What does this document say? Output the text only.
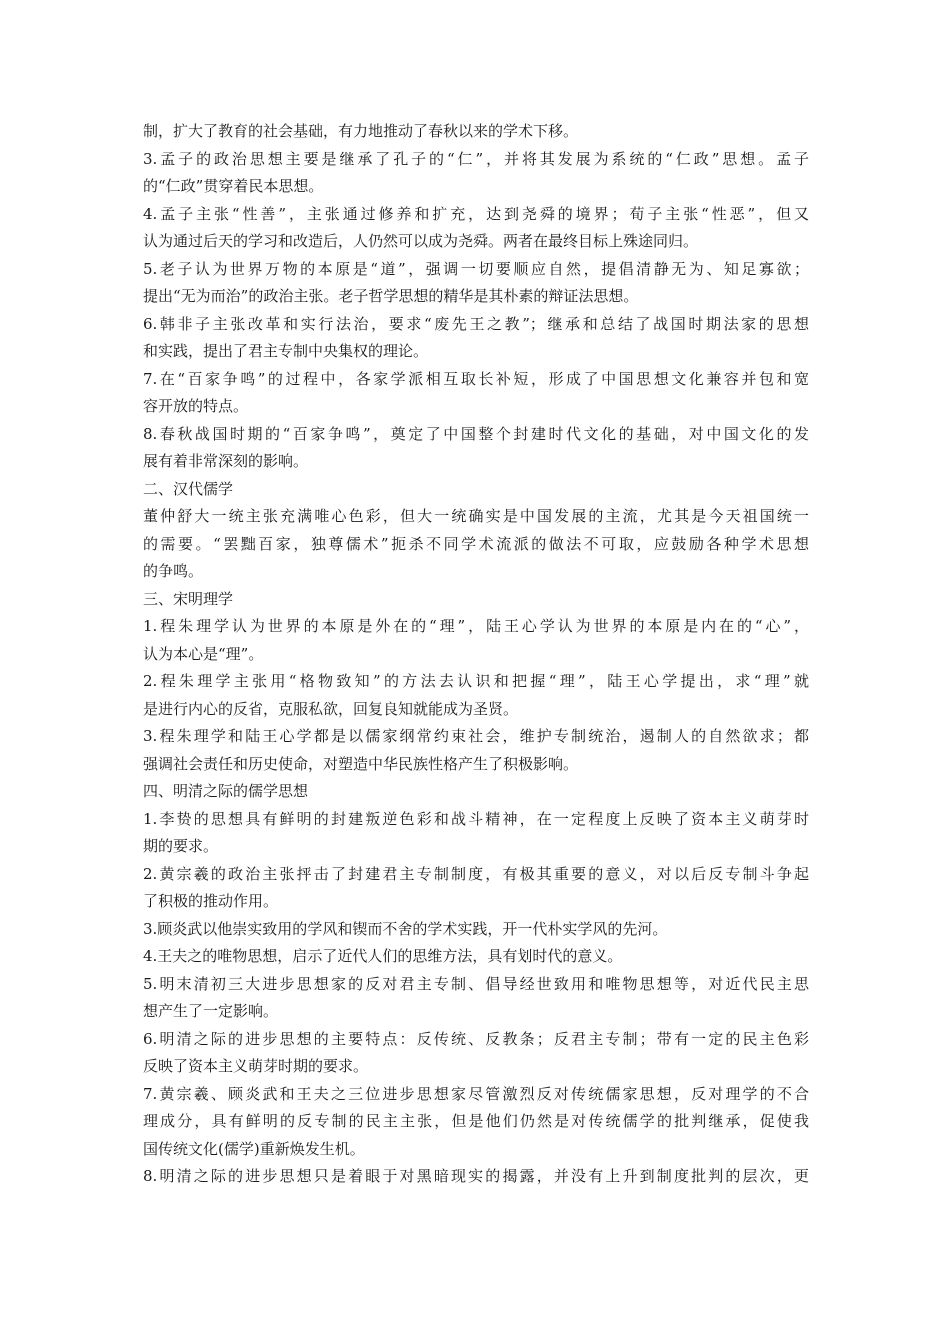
制，扩大了教育的社会基础，有力地推动了春秋以来的学术下移。
3.孟子的政治思想主要是继承了孔子的“仁”，并将其发展为系统的“仁政”思想。孟子
的“仁政”贯穿着民本思想。
4.孟子主张“性善”，主张通过修养和扩充，达到尧舜的境界；荀子主张“性恶”，但又
认为通过后天的学习和改造后，人仍然可以成为尧舜。两者在最终目标上殊途同归。
5.老子认为世界万物的本原是“道”，强调一切要顺应自然，提倡清静无为、知足寡欲；
提出“无为而治”的政治主张。老子哲学思想的精华是其朴素的辩证法思想。
6.韩非子主张改革和实行法治，要求“废先王之教”；继承和总结了战国时期法家的思想
和实践，提出了君主专制中央集权的理论。
7.在“百家争鸣”的过程中，各家学派相互取长补短，形成了中国思想文化兼容并包和宽
容开放的特点。
8.春秋战国时期的“百家争鸣”，奠定了中国整个封建时代文化的基础，对中国文化的发
展有着非常深刻的影响。
二、汉代儒学
董仲舒大一统主张充满唯心色彩，但大一统确实是中国发展的主流，尤其是今天祖国统一
的需要。“罢黜百家，独尊儒术”扼杀不同学术流派的做法不可取，应鼓励各种学术思想
的争鸣。
三、宋明理学
1.程朱理学认为世界的本原是外在的“理”，陆王心学认为世界的本原是内在的“心”，
认为本心是“理”。
2.程朱理学主张用“格物致知”的方法去认识和把握“理”，陆王心学提出，求“理”就
是进行内心的反省，克服私欲，回复良知就能成为圣贤。
3.程朱理学和陆王心学都是以儒家纲常约束社会，维护专制统治，遏制人的自然欲求；都
强调社会责任和历史使命，对塑造中华民族性格产生了积极影响。
四、明清之际的儒学思想
1.李贽的思想具有鲜明的封建叛逆色彩和战斗精神，在一定程度上反映了资本主义萌芽时
期的要求。
2.黄宗羲的政治主张抨击了封建君主专制制度，有极其重要的意义，对以后反专制斗争起
了积极的推动作用。
3.顾炎武以他崇实致用的学风和锲而不舍的学术实践，开一代朴实学风的先河。
4.王夫之的唯物思想，启示了近代人们的思维方法，具有划时代的意义。
5.明末清初三大进步思想家的反对君主专制、倡导经世致用和唯物思想等，对近代民主思
想产生了一定影响。
6.明清之际的进步思想的主要特点：反传统、反教条；反君主专制；带有一定的民主色彩
反映了资本主义萌芽时期的要求。
7.黄宗羲、顾炎武和王夫之三位进步思想家尽管激烈反对传统儒家思想，反对理学的不合
理成分，具有鲜明的反专制的民主主张，但是他们仍然是对传统儒学的批判继承，促使我
国传统文化(儒学)重新焕发生机。
8.明清之际的进步思想只是着眼于对黑暗现实的揭露，并没有上升到制度批判的层次，更
